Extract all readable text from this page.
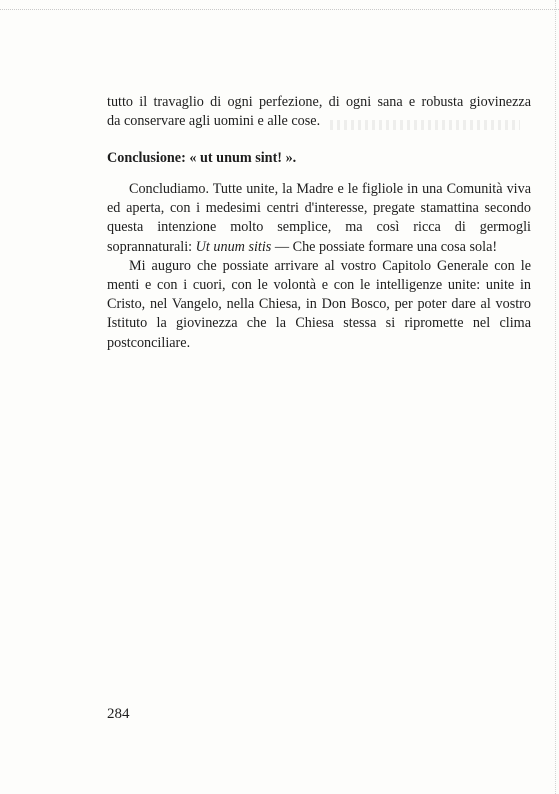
tutto il travaglio di ogni perfezione, di ogni sana e robusta giovinezza

da conservare agli uomini e alle cose.

Conclusione: « ut unum sint! ».

Concludiamo. Tutte unite, la Madre e le figliole in una Comunità viva ed aperta, con i medesimi centri d'interesse, pregate stamattina secondo questa intenzione molto semplice, ma così ricca di germogli soprannaturali: Ut unum sitis — Che possiate formare una cosa sola!

Mi auguro che possiate arrivare al vostro Capitolo Generale con le menti e con i cuori, con le volontà e con le intelligenze unite: unite in Cristo, nel Vangelo, nella Chiesa, in Don Bosco, per poter dare al vostro Istituto la giovinezza che la Chiesa stessa si ripromette nel clima postconciliare.

284
